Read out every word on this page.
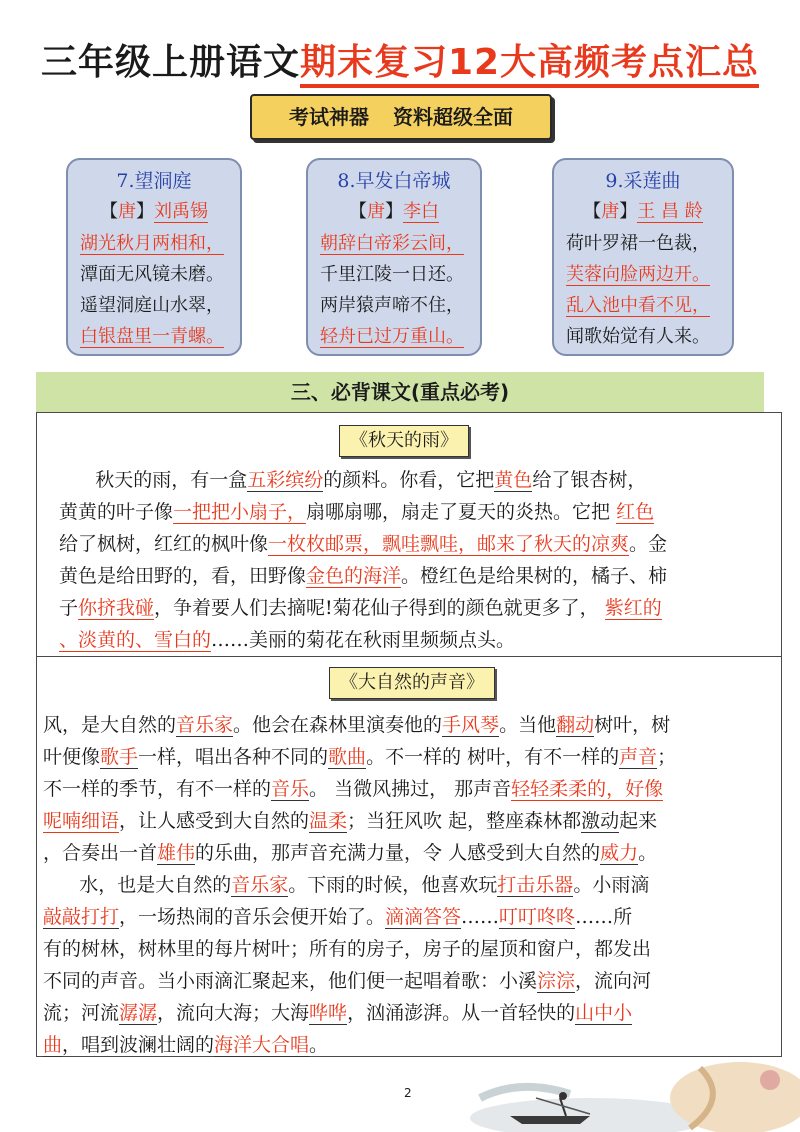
三年级上册语文期末复习12大高频考点汇总
考试神器 资料超级全面
7.望洞庭
【唐】刘禹锡
湖光秋月两相和，
潭面无风镜未磨。
遥望洞庭山水翠，
白银盘里一青螺。
8.早发白帝城
【唐】李白
朝辞白帝彩云间，
千里江陵一日还。
两岸猿声啼不住，
轻舟已过万重山。
9.采莲曲
【唐】王 昌 龄
荷叶罗裙一色裁，
芙蓉向脸两边开。
乱入池中看不见，
闻歌始觉有人来。
三、必背课文(重点必考)
《秋天的雨》

秋天的雨，有一盒五彩缤纷的颜料。你看，它把黄色给了银杏树，

黄黄的叶子像一把把小扇子，扇哪扇哪，扇走了夏天的炎热。它把 红色

给了枫树，红红的枫叶像一枚枚邮票，飘哇飘哇，邮来了秋天的凉爽。金

黄色是给田野的，看，田野像金色的海洋。橙红色是给果树的，橘子、柿

子你挤我碰，争着要人们去摘呢!菊花仙子得到的颜色就更多了， 紫红的

、淡黄的、雪白的……美丽的菊花在秋雨里频频点头。

《大自然的声音》

风，是大自然的音乐家。他会在森林里演奏他的手风琴。当他翻动树叶，树

叶便像歌手一样，唱出各种不同的歌曲。不一样的 树叶，有不一样的声音；

不一样的季节，有不一样的音乐。 当微风拂过， 那声音轻轻柔柔的，好像

呢喃细语，让人感受到大自然的温柔；当狂风吹 起，整座森林都激动起来

，合奏出一首雄伟的乐曲，那声音充满力量，令 人感受到大自然的威力。

水，也是大自然的音乐家。下雨的时候，他喜欢玩打击乐器。小雨滴

敲敲打打，一场热闹的音乐会便开始了。滴滴答答……叮叮咚咚……所

有的树林，树林里的每片树叶；所有的房子，房子的屋顶和窗户，都发出

不同的声音。当小雨滴汇聚起来，他们便一起唱着歌：小溪淙淙，流向河

流；河流潺潺，流向大海；大海哗哗，汹涌澎湃。从一首轻快的山中小

曲，唱到波澜壮阔的海洋大合唱。

2
